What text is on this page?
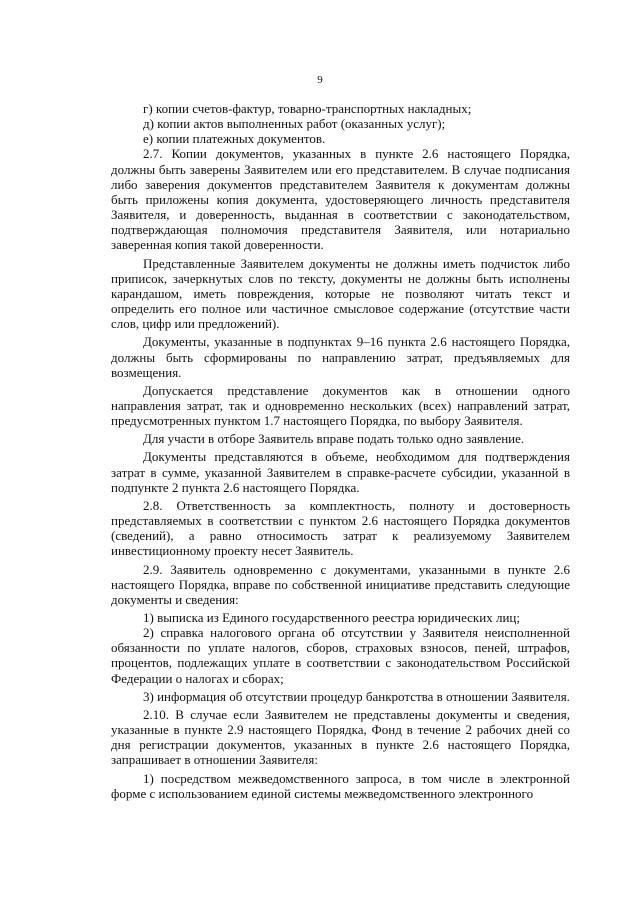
9

г) копии счетов-фактур, товарно-транспортных накладных;

д) копии актов выполненных работ (оказанных услуг);

е) копии платежных документов.

2.7. Копии документов, указанных в пункте 2.6 настоящего Порядка, должны быть заверены Заявителем или его представителем. В случае подписания либо заверения документов представителем Заявителя к документам должны быть приложены копия документа, удостоверяющего личность представителя Заявителя, и доверенность, выданная в соответствии с законодательством, подтверждающая полномочия представителя Заявителя, или нотариально заверенная копия такой доверенности.

Представленные Заявителем документы не должны иметь подчисток либо приписок, зачеркнутых слов по тексту, документы не должны быть исполнены карандашом, иметь повреждения, которые не позволяют читать текст и определить его полное или частичное смысловое содержание (отсутствие части слов, цифр или предложений).

Документы, указанные в подпунктах 9–16 пункта 2.6 настоящего Порядка, должны быть сформированы по направлению затрат, предъявляемых для возмещения.

Допускается представление документов как в отношении одного направления затрат, так и одновременно нескольких (всех) направлений затрат, предусмотренных пунктом 1.7 настоящего Порядка, по выбору Заявителя.

Для участи в отборе Заявитель вправе подать только одно заявление.

Документы представляются в объеме, необходимом для подтверждения затрат в сумме, указанной Заявителем в справке-расчете субсидии, указанной в подпункте 2 пункта 2.6 настоящего Порядка.

2.8. Ответственность за комплектность, полноту и достоверность представляемых в соответствии с пунктом 2.6 настоящего Порядка документов (сведений), а равно относимость затрат к реализуемому Заявителем инвестиционному проекту несет Заявитель.

2.9. Заявитель одновременно с документами, указанными в пункте 2.6 настоящего Порядка, вправе по собственной инициативе представить следующие документы и сведения:

1) выписка из Единого государственного реестра юридических лиц;

2) справка налогового органа об отсутствии у Заявителя неисполненной обязанности по уплате налогов, сборов, страховых взносов, пеней, штрафов, процентов, подлежащих уплате в соответствии с законодательством Российской Федерации о налогах и сборах;

3) информация об отсутствии процедур банкротства в отношении Заявителя.

2.10. В случае если Заявителем не представлены документы и сведения, указанные в пункте 2.9 настоящего Порядка, Фонд в течение 2 рабочих дней со дня регистрации документов, указанных в пункте 2.6 настоящего Порядка, запрашивает в отношении Заявителя:

1) посредством межведомственного запроса, в том числе в электронной форме с использованием единой системы межведомственного электронного
